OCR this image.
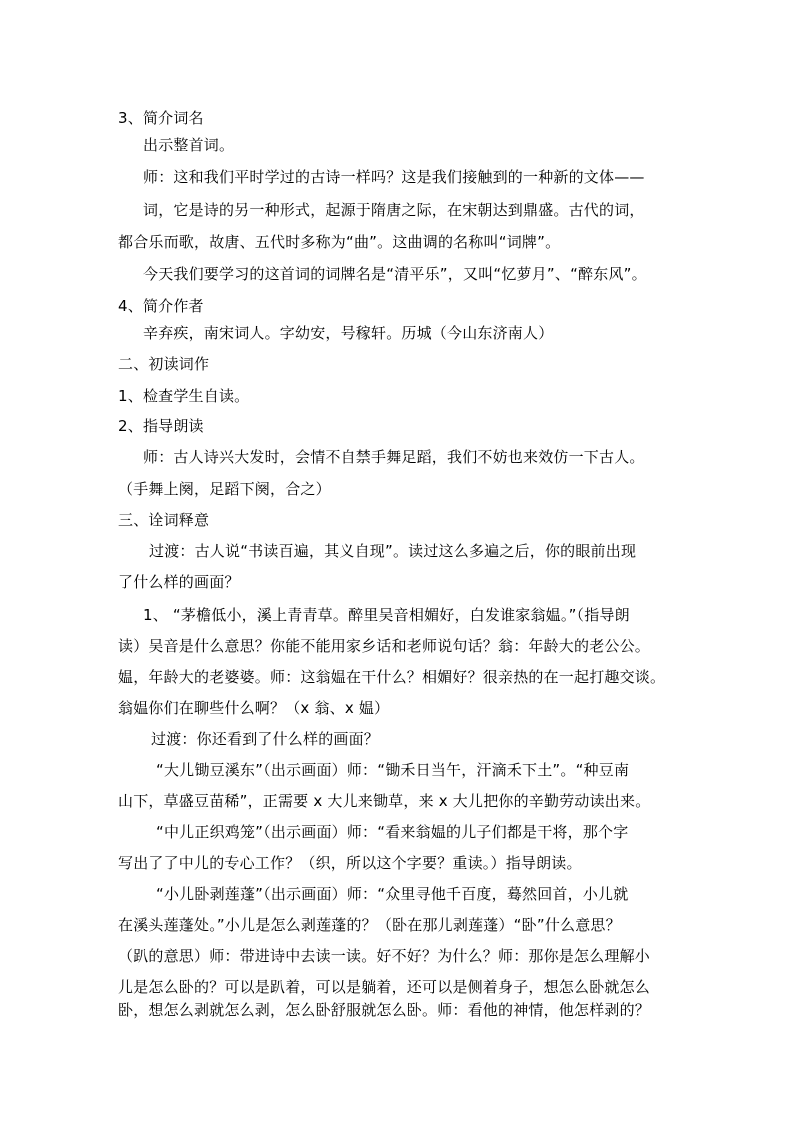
3、简介词名
出示整首词。
师：这和我们平时学过的古诗一样吗？这是我们接触到的一种新的文体——
词，它是诗的另一种形式，起源于隋唐之际，在宋朝达到鼎盛。古代的词，
都合乐而歌，故唐、五代时多称为“曲”。这曲调的名称叫“词牌”。
今天我们要学习的这首词的词牌名是“清平乐”，又叫“忆萝月”、“醉东风”。
4、简介作者
辛弃疾，南宋词人。字幼安，号稼轩。历城（今山东济南人）
二、初读词作
1、检查学生自读。
2、指导朗读
师：古人诗兴大发时，会情不自禁手舞足蹈，我们不妨也来效仿一下古人。
（手舞上阕，足蹈下阕，合之）
三、诠词释意
过渡：古人说“书读百遍，其义自现”。读过这么多遍之后，你的眼前出现
了什么样的画面？
1、 “茅檐低小，溪上青青草。醉里吴音相媚好，白发谁家翁媪。”（指导朗
读）吴音是什么意思？你能不能用家乡话和老师说句话？翁：年龄大的老公公。
媪，年龄大的老婆婆。师：这翁媪在干什么？相媚好？很亲热的在一起打趣交谈。
翁媪你们在聊些什么啊？（x 翁、x 媪）
过渡：你还看到了什么样的画面？
“大儿锄豆溪东”（出示画面）师：“锄禾日当午，汗滴禾下土”。“种豆南
山下，草盛豆苗稀”，正需要 x 大儿来锄草，来 x 大儿把你的辛勤劳动读出来。
“中儿正织鸡笼”（出示画面）师：“看来翁媪的儿子们都是干将，那个字
写出了了中儿的专心工作？（织，所以这个字要？重读。）指导朗读。
“小儿卧剥莲蓬”（出示画面）师：“众里寻他千百度，蓦然回首，小儿就
在溪头莲蓬处。”小儿是怎么剥莲蓬的？（卧在那儿剥莲蓬）“卧”什么意思？
（趴的意思）师：带进诗中去读一读。好不好？为什么？师：那你是怎么理解小
儿是怎么卧的？可以是趴着，可以是躺着，还可以是侧着身子，想怎么卧就怎么
卧，想怎么剥就怎么剥，怎么卧舒服就怎么卧。师：看他的神情，他怎样剥的？
